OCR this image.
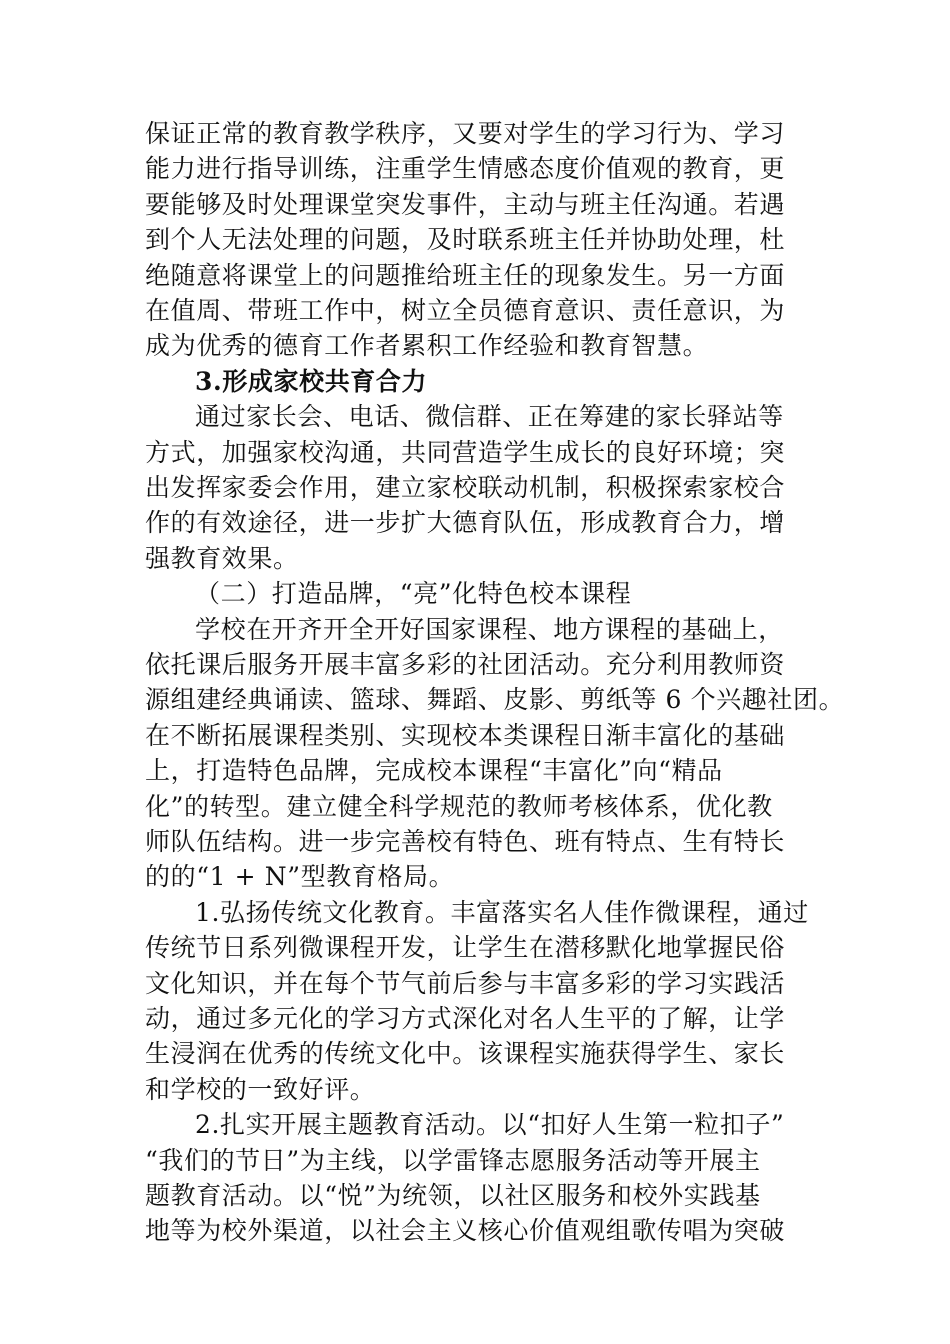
保证正常的教育教学秩序，又要对学生的学习行为、学习
能力进行指导训练，注重学生情感态度价值观的教育，更
要能够及时处理课堂突发事件，主动与班主任沟通。若遇
到个人无法处理的问题，及时联系班主任并协助处理，杜
绝随意将课堂上的问题推给班主任的现象发生。另一方面
在值周、带班工作中，树立全员德育意识、责任意识，为
成为优秀的德育工作者累积工作经验和教育智慧。
3.形成家校共育合力
通过家长会、电话、微信群、正在筹建的家长驿站等
方式，加强家校沟通，共同营造学生成长的良好环境；突
出发挥家委会作用，建立家校联动机制，积极探索家校合
作的有效途径，进一步扩大德育队伍，形成教育合力，增
强教育效果。
（二）打造品牌，“亮”化特色校本课程
学校在开齐开全开好国家课程、地方课程的基础上，
依托课后服务开展丰富多彩的社团活动。充分利用教师资
源组建经典诵读、篮球、舞蹈、皮影、剪纸等 6 个兴趣社团。
在不断拓展课程类别、实现校本类课程日渐丰富化的基础
上，打造特色品牌，完成校本课程“丰富化”向“精品
化”的转型。建立健全科学规范的教师考核体系，优化教
师队伍结构。进一步完善校有特色、班有特点、生有特长
的的“1 + N”型教育格局。
1.弘扬传统文化教育。丰富落实名人佳作微课程，通过
传统节日系列微课程开发，让学生在潜移默化地掌握民俗
文化知识，并在每个节气前后参与丰富多彩的学习实践活
动，通过多元化的学习方式深化对名人生平的了解，让学
生浸润在优秀的传统文化中。该课程实施获得学生、家长
和学校的一致好评。
2.扎实开展主题教育活动。以“扣好人生第一粒扣子”
“我们的节日”为主线，以学雷锋志愿服务活动等开展主
题教育活动。以“悦”为统领，以社区服务和校外实践基
地等为校外渠道，以社会主义核心价值观组歌传唱为突破
